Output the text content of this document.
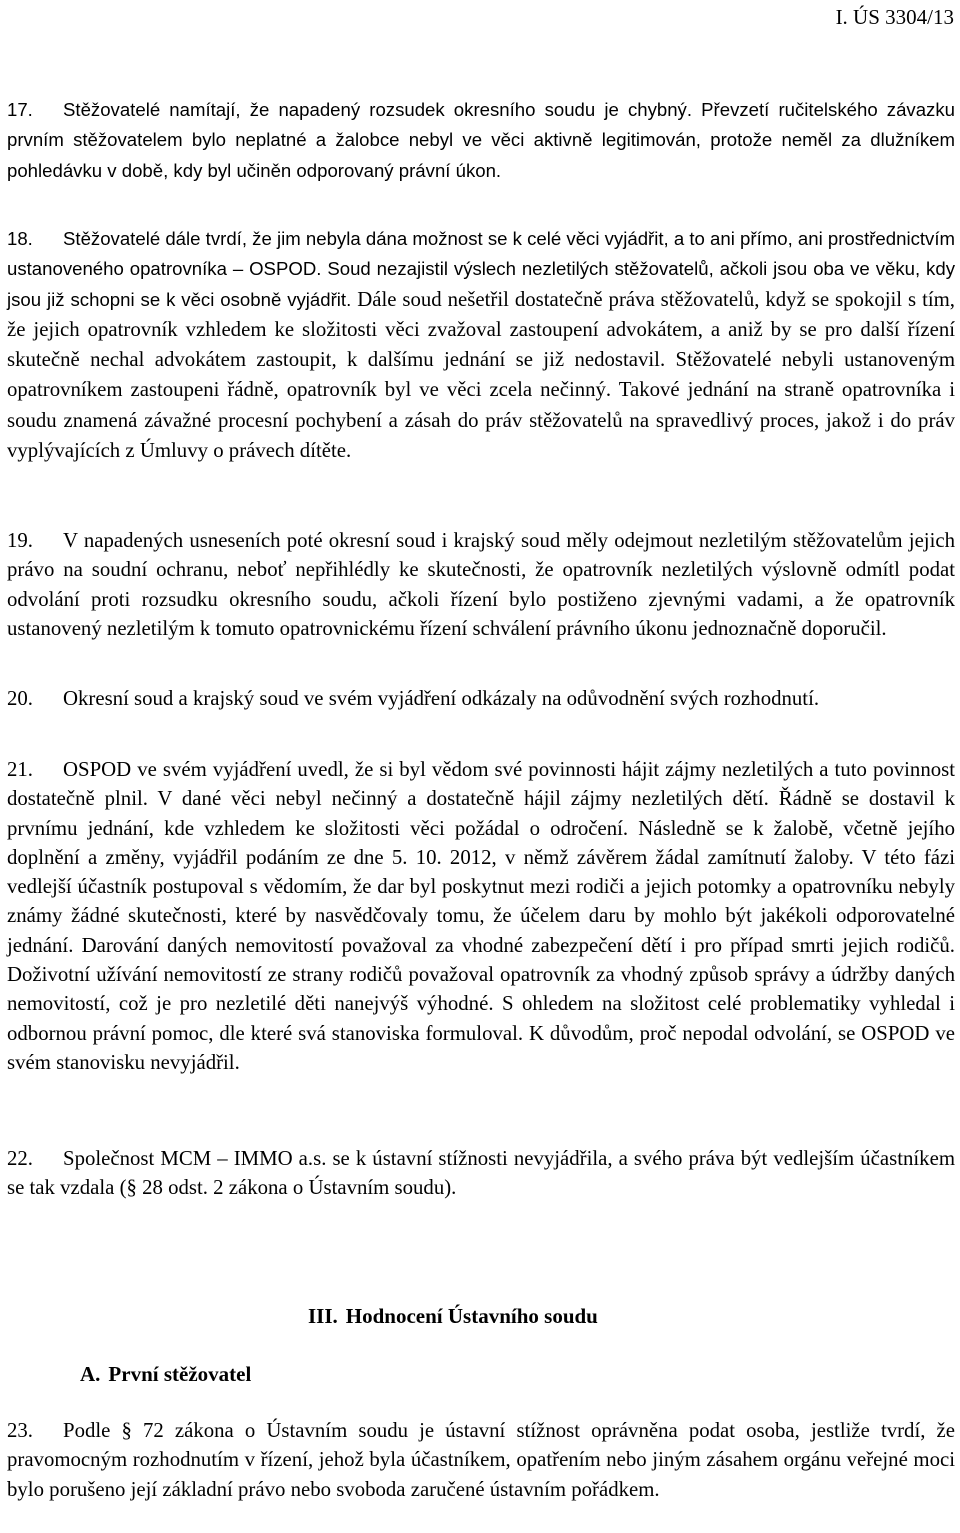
I. ÚS 3304/13

17. Stěžovatelé namítají, že napadený rozsudek okresního soudu je chybný. Převzetí ručitelského závazku prvním stěžovatelem bylo neplatné a žalobce nebyl ve věci aktivně legitimován, protože neměl za dlužníkem pohledávku v době, kdy byl učiněn odporovaný právní úkon.

18. Stěžovatelé dále tvrdí, že jim nebyla dána možnost se k celé věci vyjádřit, a to ani přímo, ani prostřednictvím ustanoveného opatrovníka – OSPOD. Soud nezajistil výslech nezletilých stěžovatelů, ačkoli jsou oba ve věku, kdy jsou již schopni se k věci osobně vyjádřit. Dále soud nešetřil dostatečně práva stěžovatelů, když se spokojil s tím, že jejich opatrovník vzhledem ke složitosti věci zvažoval zastoupení advokátem, a aniž by se pro další řízení skutečně nechal advokátem zastoupit, k dalšímu jednání se již nedostavil. Stěžovatelé nebyli ustanoveným opatrovníkem zastoupeni řádně, opatrovník byl ve věci zcela nečinný. Takové jednání na straně opatrovníka i soudu znamená závažné procesní pochybení a zásah do práv stěžovatelů na spravedlivý proces, jakož i do práv vyplývajících z Úmluvy o právech dítěte.

19. V napadených usneseních poté okresní soud i krajský soud měly odejmout nezletilým stěžovatelům jejich právo na soudní ochranu, neboť nepřihlédly ke skutečnosti, že opatrovník nezletilých výslovně odmítl podat odvolání proti rozsudku okresního soudu, ačkoli řízení bylo postiženo zjevnými vadami, a že opatrovník ustanovený nezletilým k tomuto opatrovnickému řízení schválení právního úkonu jednoznačně doporučil.

20. Okresní soud a krajský soud ve svém vyjádření odkázaly na odůvodnění svých rozhodnutí.

21. OSPOD ve svém vyjádření uvedl, že si byl vědom své povinnosti hájit zájmy nezletilých a tuto povinnost dostatečně plnil. V dané věci nebyl nečinný a dostatečně hájil zájmy nezletilých dětí. Řádně se dostavil k prvnímu jednání, kde vzhledem ke složitosti věci požádal o odročení. Následně se k žalobě, včetně jejího doplnění a změny, vyjádřil podáním ze dne 5. 10. 2012, v němž závěrem žádal zamítnutí žaloby. V této fázi vedlejší účastník postupoval s vědomím, že dar byl poskytnut mezi rodiči a jejich potomky a opatrovníku nebyly známy žádné skutečnosti, které by nasvědčovaly tomu, že účelem daru by mohlo být jakékoli odporovatelné jednání. Darování daných nemovitostí považoval za vhodné zabezpečení dětí i pro případ smrti jejich rodičů. Doživotní užívání nemovitostí ze strany rodičů považoval opatrovník za vhodný způsob správy a údržby daných nemovitostí, což je pro nezletilé děti nanejvýš výhodné. S ohledem na složitost celé problematiky vyhledal i odbornou právní pomoc, dle které svá stanoviska formuloval. K důvodům, proč nepodal odvolání, se OSPOD ve svém stanovisku nevyjádřil.

22. Společnost MCM – IMMO a.s. se k ústavní stížnosti nevyjádřila, a svého práva být vedlejším účastníkem se tak vzdala (§ 28 odst. 2 zákona o Ústavním soudu).

III. Hodnocení Ústavního soudu
A. První stěžovatel

23. Podle § 72 zákona o Ústavním soudu je ústavní stížnost oprávněna podat osoba, jestliže tvrdí, že pravomocným rozhodnutím v řízení, jehož byla účastníkem, opatřením nebo jiným zásahem orgánu veřejné moci bylo porušeno její základní právo nebo svoboda zaručené ústavním pořádkem.
